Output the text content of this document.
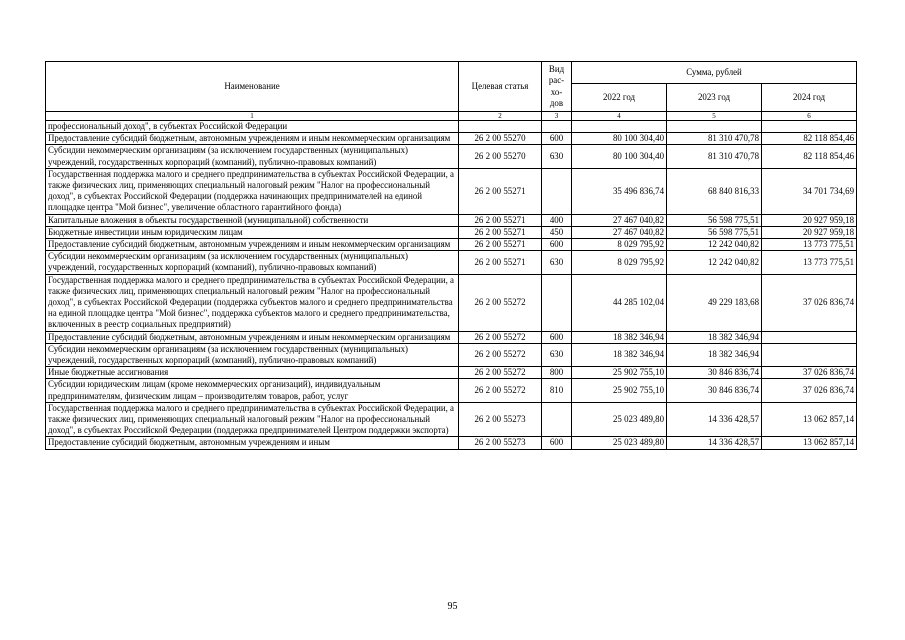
Наименование	Целевая статья	Вид рас- хо- дов	Сумма, рублей		
			2022 год	2023 год	2024 год
1	2	3	4	5	6
профессиональный доход", в субъектах Российской Федерации					
Предоставление субсидий бюджетным, автономным учреждениям и иным некоммерческим организациям	26 2 00 55270	600	80 100 304,40	81 310 470,78	82 118 854,46
Субсидии некоммерческим организациям (за исключением государственных (муниципальных) учреждений, государственных корпораций (компаний), публично-правовых компаний)	26 2 00 55270	630	80 100 304,40	81 310 470,78	82 118 854,46
Государственная поддержка малого и среднего предпринимательства в субъектах Российской Федерации, а также физических лиц, применяющих специальный налоговый режим "Налог на профессиональный доход", в субъектах Российской Федерации (поддержка начинающих предпринимателей на единой площадке центра "Мой бизнес", увеличение областного гарантийного фонда)	26 2 00 55271		35 496 836,74	68 840 816,33	34 701 734,69
Капитальные вложения в объекты государственной (муниципальной) собственности	26 2 00 55271	400	27 467 040,82	56 598 775,51	20 927 959,18
Бюджетные инвестиции иным юридическим лицам	26 2 00 55271	450	27 467 040,82	56 598 775,51	20 927 959,18
Предоставление субсидий бюджетным, автономным учреждениям и иным некоммерческим организациям	26 2 00 55271	600	8 029 795,92	12 242 040,82	13 773 775,51
Субсидии некоммерческим организациям (за исключением государственных (муниципальных) учреждений, государственных корпораций (компаний), публично-правовых компаний)	26 2 00 55271	630	8 029 795,92	12 242 040,82	13 773 775,51
Государственная поддержка малого и среднего предпринимательства в субъектах Российской Федерации, а также физических лиц, применяющих специальный налоговый режим "Налог на профессиональный доход", в субъектах Российской Федерации (поддержка субъектов малого и среднего предпринимательства на единой площадке центра "Мой бизнес", поддержка субъектов малого и среднего предпринимательства, включенных в реестр социальных предприятий)	26 2 00 55272		44 285 102,04	49 229 183,68	37 026 836,74
Предоставление субсидий бюджетным, автономным учреждениям и иным некоммерческим организациям	26 2 00 55272	600	18 382 346,94	18 382 346,94	
Субсидии некоммерческим организациям (за исключением государственных (муниципальных) учреждений, государственных корпораций (компаний), публично-правовых компаний)	26 2 00 55272	630	18 382 346,94	18 382 346,94	
Иные бюджетные ассигнования	26 2 00 55272	800	25 902 755,10	30 846 836,74	37 026 836,74
Субсидии юридическим лицам (кроме некоммерческих организаций), индивидуальным предпринимателям, физическим лицам – производителям товаров, работ, услуг	26 2 00 55272	810	25 902 755,10	30 846 836,74	37 026 836,74
Государственная поддержка малого и среднего предпринимательства в субъектах Российской Федерации, а также физических лиц, применяющих специальный налоговый режим "Налог на профессиональный доход", в субъектах Российской Федерации (поддержка предпринимателей Центром поддержки экспорта)	26 2 00 55273		25 023 489,80	14 336 428,57	13 062 857,14
Предоставление субсидий бюджетным, автономным учреждениям и иным	26 2 00 55273	600	25 023 489,80	14 336 428,57	13 062 857,14
95
